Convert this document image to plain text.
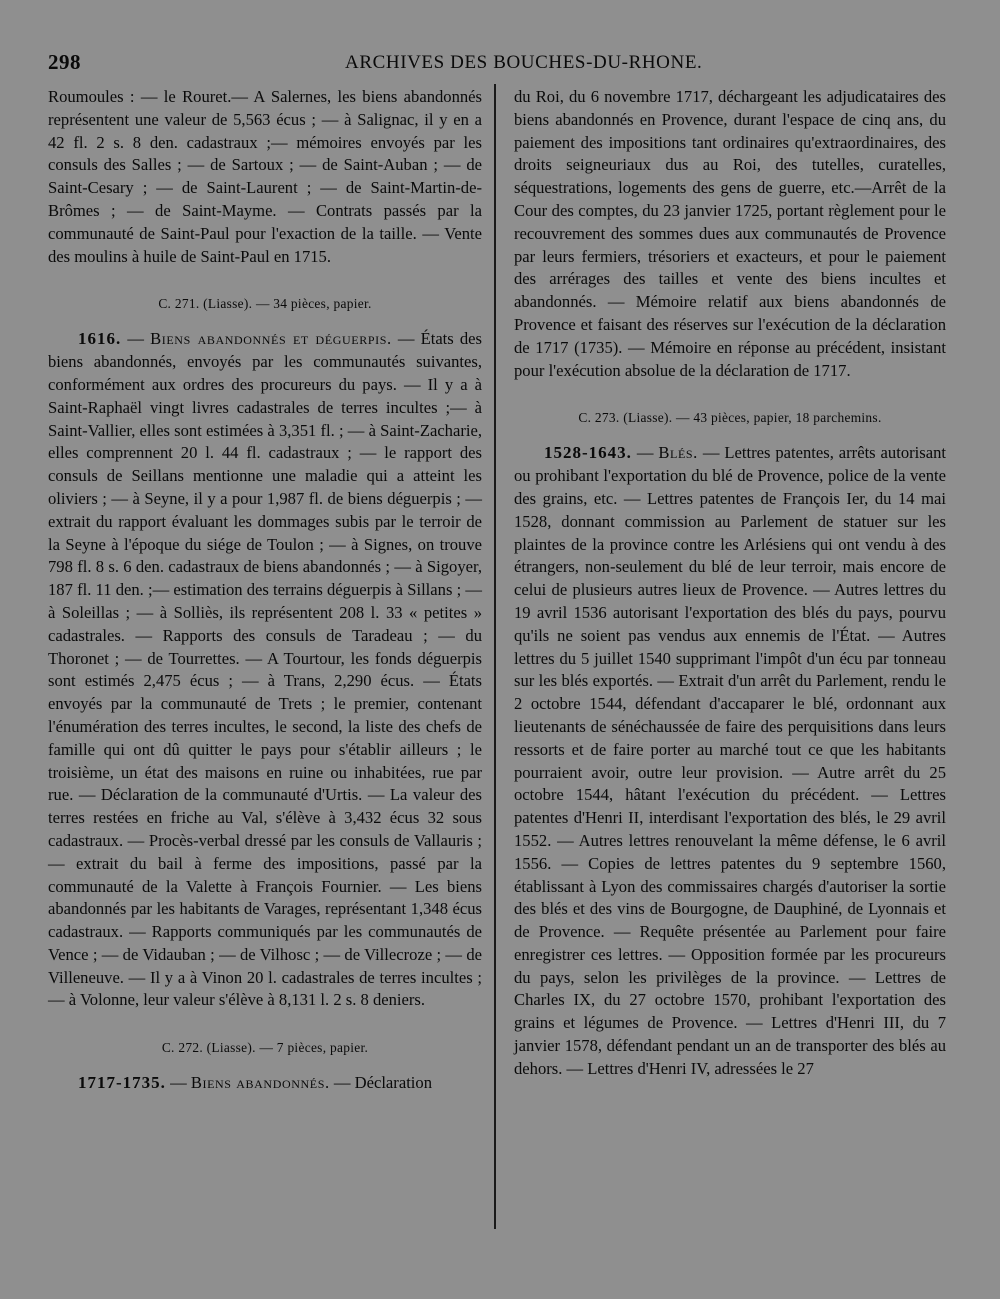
298	ARCHIVES DES BOUCHES-DU-RHONE.

Roumoules : — le Rouret.— A Salernes, les biens abandonnés représentent une valeur de 5,563 écus ; — à Salignac, il y en a 42 fl. 2 s. 8 den. cadastraux ;— mémoires envoyés par les consuls des Salles ; — de Sartoux ; — de Saint-Auban ; — de Saint-Cesary ; — de Saint-Laurent ; — de Saint-Martin-de-Brômes ; — de Saint-Mayme. — Contrats passés par la communauté de Saint-Paul pour l'exaction de la taille. — Vente des moulins à huile de Saint-Paul en 1715.

C. 271. (Liasse). — 34 pièces, papier.

1616. — Biens abandonnés et déguerpis. — États des biens abandonnés, envoyés par les communautés suivantes, conformément aux ordres des procureurs du pays. — Il y a à Saint-Raphaël vingt livres cadastrales de terres incultes ;— à Saint-Vallier, elles sont estimées à 3,351 fl. ; — à Saint-Zacharie, elles comprennent 20 l. 44 fl. cadastraux ; — le rapport des consuls de Seillans mentionne une maladie qui a atteint les oliviers ; — à Seyne, il y a pour 1,987 fl. de biens déguerpis ; — extrait du rapport évaluant les dommages subis par le terroir de la Seyne à l'époque du siége de Toulon ; — à Signes, on trouve 798 fl. 8 s. 6 den. cadastraux de biens abandonnés ; — à Sigoyer, 187 fl. 11 den. ;— estimation des terrains déguerpis à Sillans ; — à Soleillas ; — à Solliès, ils représentent 208 l. 33 « petites » cadastrales. — Rapports des consuls de Taradeau ; — du Thoronet ; — de Tourrettes. — A Tourtour, les fonds déguerpis sont estimés 2,475 écus ; — à Trans, 2,290 écus. — États envoyés par la communauté de Trets ; le premier, contenant l'énumération des terres incultes, le second, la liste des chefs de famille qui ont dû quitter le pays pour s'établir ailleurs ; le troisième, un état des maisons en ruine ou inhabitées, rue par rue. — Déclaration de la communauté d'Urtis. — La valeur des terres restées en friche au Val, s'élève à 3,432 écus 32 sous cadastraux. — Procès-verbal dressé par les consuls de Vallauris ; — extrait du bail à ferme des impositions, passé par la communauté de la Valette à François Fournier. — Les biens abandonnés par les habitants de Varages, représentant 1,348 écus cadastraux. — Rapports communiqués par les communautés de Vence ; — de Vidauban ; — de Vilhosc ; — de Villecroze ; — de Villeneuve. — Il y a à Vinon 20 l. cadastrales de terres incultes ; — à Volonne, leur valeur s'élève à 8,131 l. 2 s. 8 deniers.

C. 272. (Liasse). — 7 pièces, papier.

1717-1735. — Biens abandonnés. — Déclaration

du Roi, du 6 novembre 1717, déchargeant les adjudicataires des biens abandonnés en Provence, durant l'espace de cinq ans, du paiement des impositions tant ordinaires qu'extraordinaires, des droits seigneuriaux dus au Roi, des tutelles, curatelles, séquestrations, logements des gens de guerre, etc.—Arrêt de la Cour des comptes, du 23 janvier 1725, portant règlement pour le recouvrement des sommes dues aux communautés de Provence par leurs fermiers, trésoriers et exacteurs, et pour le paiement des arrérages des tailles et vente des biens incultes et abandonnés. — Mémoire relatif aux biens abandonnés de Provence et faisant des réserves sur l'exécution de la déclaration de 1717 (1735). — Mémoire en réponse au précédent, insistant pour l'exécution absolue de la déclaration de 1717.

C. 273. (Liasse). — 43 pièces, papier, 18 parchemins.

1528-1643. — Blés. — Lettres patentes, arrêts autorisant ou prohibant l'exportation du blé de Provence, police de la vente des grains, etc. — Lettres patentes de François Ier, du 14 mai 1528, donnant commission au Parlement de statuer sur les plaintes de la province contre les Arlésiens qui ont vendu à des étrangers, non-seulement du blé de leur terroir, mais encore de celui de plusieurs autres lieux de Provence. — Autres lettres du 19 avril 1536 autorisant l'exportation des blés du pays, pourvu qu'ils ne soient pas vendus aux ennemis de l'État. — Autres lettres du 5 juillet 1540 supprimant l'impôt d'un écu par tonneau sur les blés exportés. — Extrait d'un arrêt du Parlement, rendu le 2 octobre 1544, défendant d'accaparer le blé, ordonnant aux lieutenants de sénéchaussée de faire des perquisitions dans leurs ressorts et de faire porter au marché tout ce que les habitants pourraient avoir, outre leur provision. — Autre arrêt du 25 octobre 1544, hâtant l'exécution du précédent. — Lettres patentes d'Henri II, interdisant l'exportation des blés, le 29 avril 1552. — Autres lettres renouvelant la même défense, le 6 avril 1556. — Copies de lettres patentes du 9 septembre 1560, établissant à Lyon des commissaires chargés d'autoriser la sortie des blés et des vins de Bourgogne, de Dauphiné, de Lyonnais et de Provence. — Requête présentée au Parlement pour faire enregistrer ces lettres. — Opposition formée par les procureurs du pays, selon les privilèges de la province. — Lettres de Charles IX, du 27 octobre 1570, prohibant l'exportation des grains et légumes de Provence. — Lettres d'Henri III, du 7 janvier 1578, défendant pendant un an de transporter des blés au dehors. — Lettres d'Henri IV, adressées le 27
